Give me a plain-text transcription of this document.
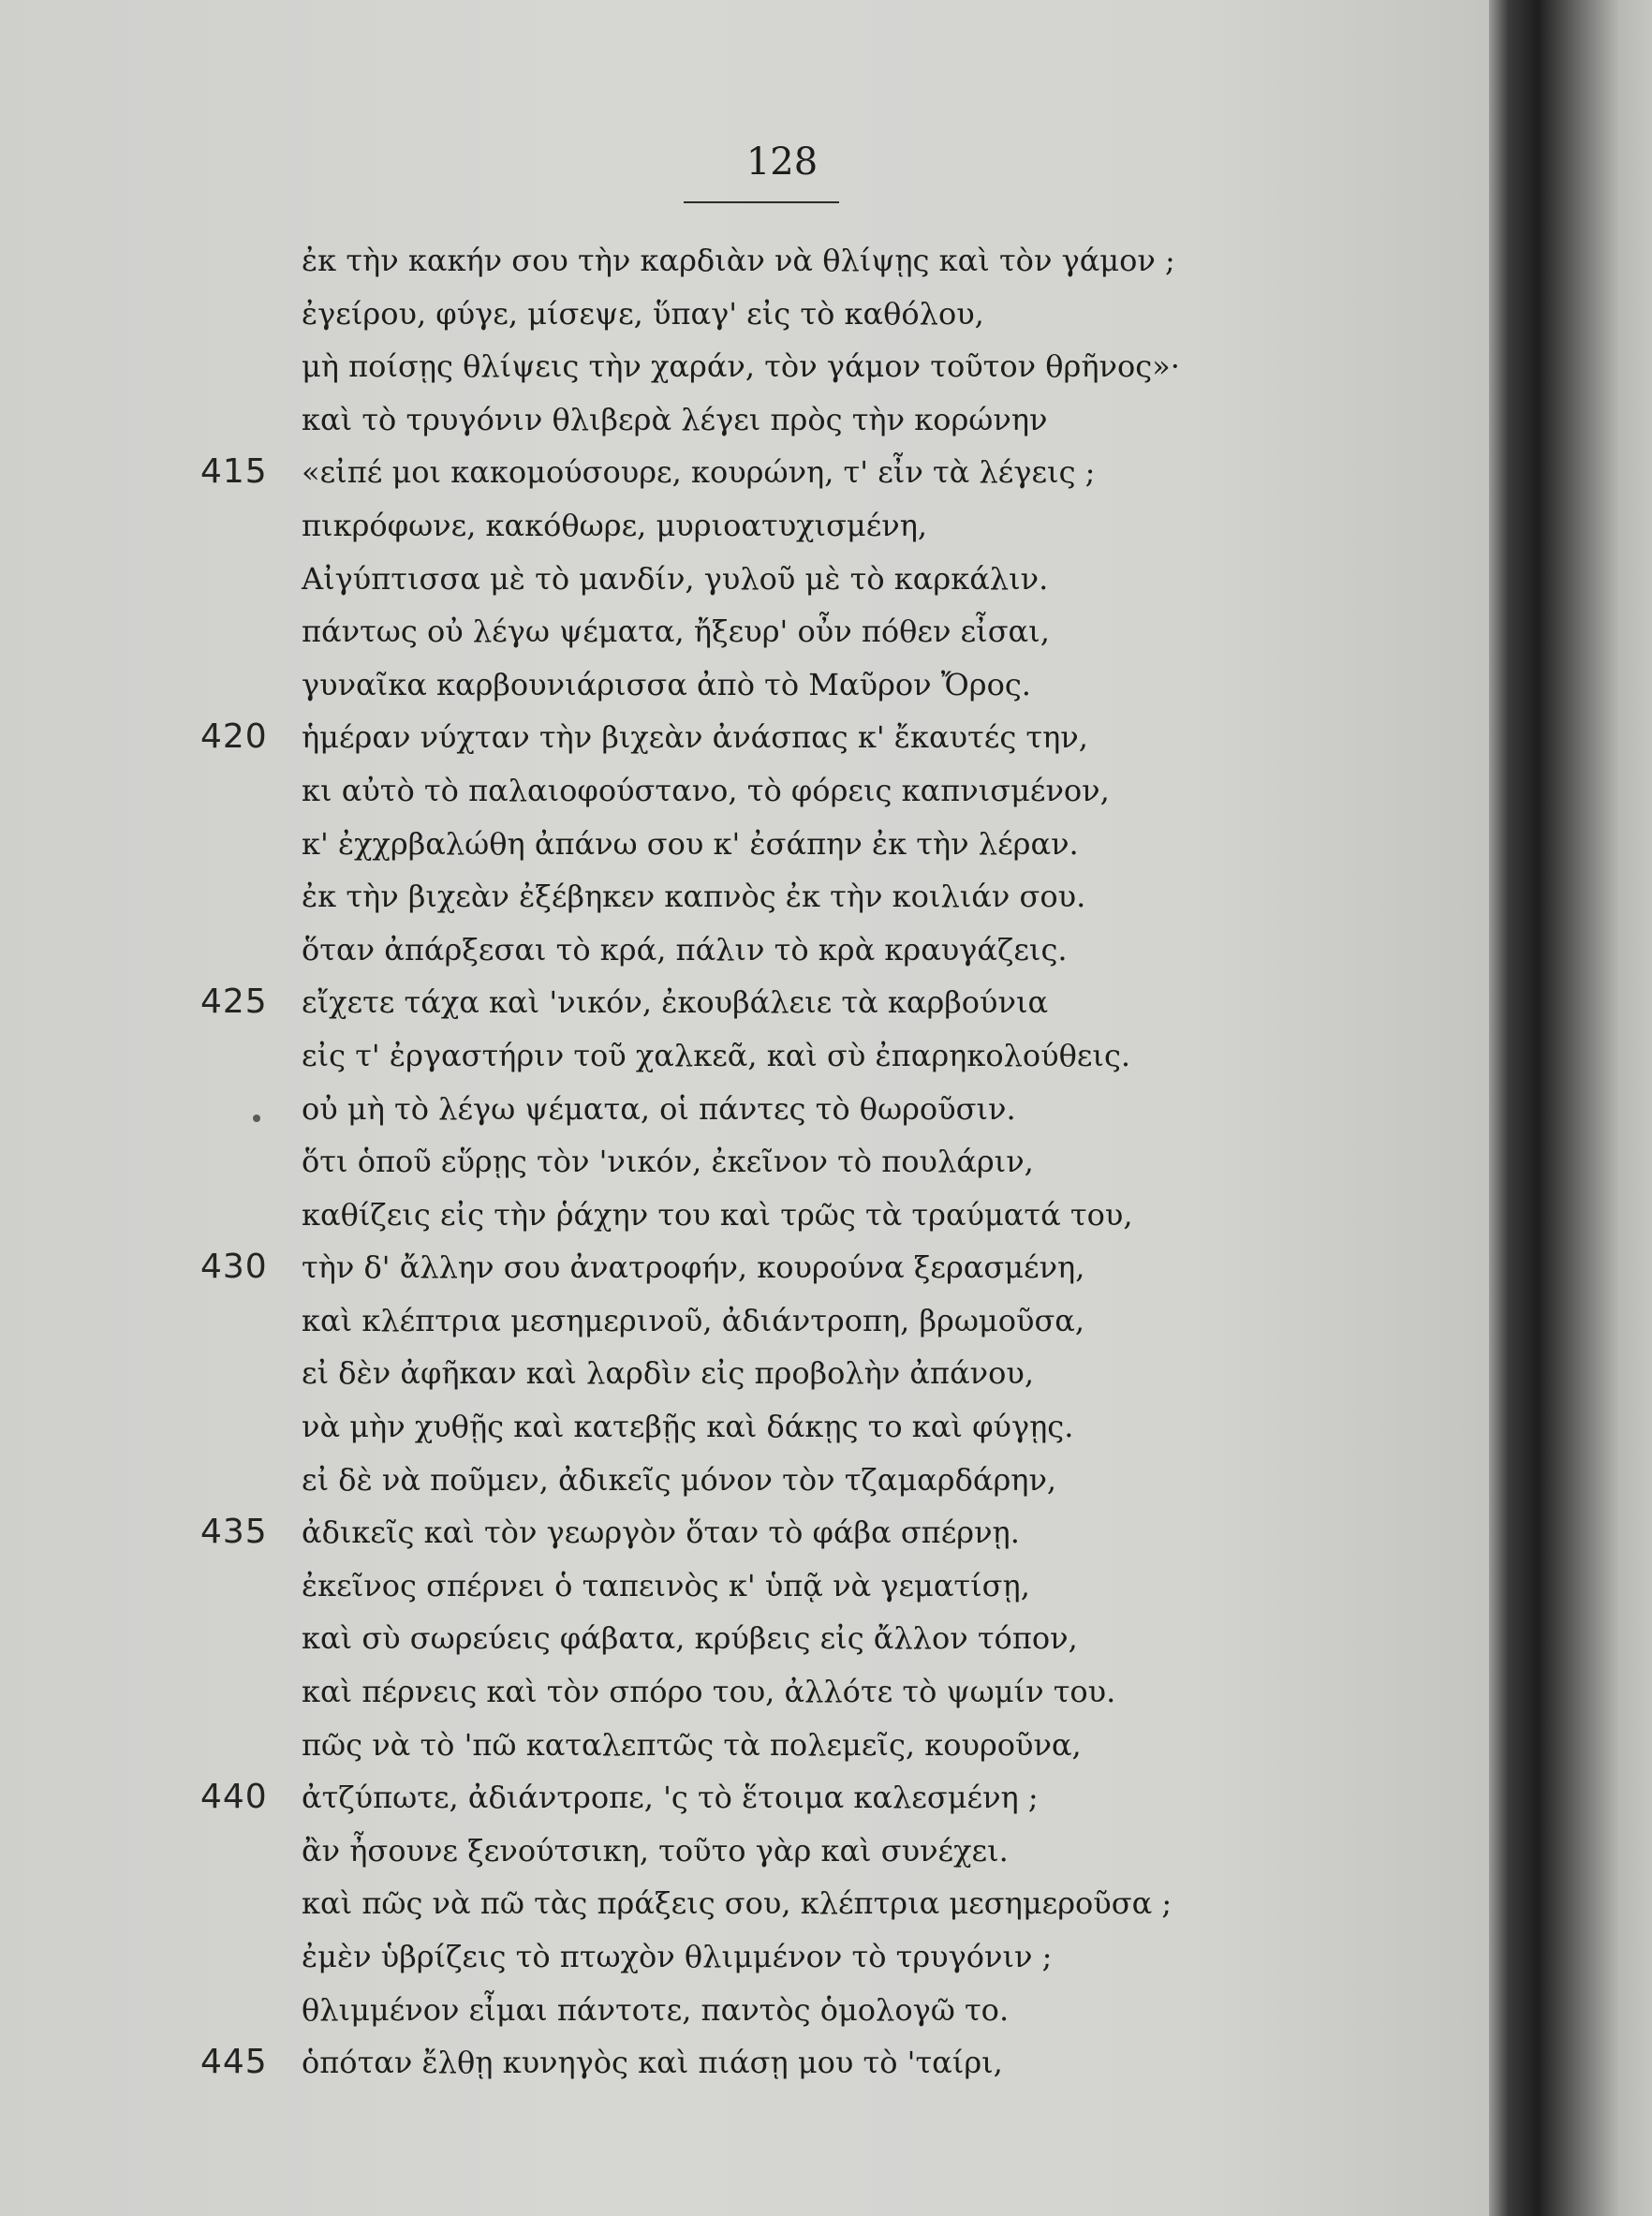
128
ἐκ τὴν κακήν σου τὴν καρδιὰν νὰ θλίψῃς καὶ τὸν γάμον ;
ἐγείρου, φύγε, μίσεψε, ὕπαγ' εἰς τὸ καθόλου,
μὴ ποίσῃς θλίψεις τὴν χαράν, τὸν γάμον τοῦτον θρῆνος»·
καὶ τὸ τρυγόνιν θλιβερὰ λέγει πρὸς τὴν κορώνην
415 «εἰπέ μοι κακομούσουρε, κουρώνη, τ' εἶν τὰ λέγεις ;
πικρόφωνε, κακόθωρε, μυριοατυχισμένη,
Αἰγύπτισσα μὲ τὸ μανδίν, γυλοῦ μὲ τὸ καρκάλιν.
πάντως οὐ λέγω ψέματα, ἤξευρ' οὖν πόθεν εἶσαι,
γυναῖκα καρβουνιάρισσα ἀπὸ τὸ Μαῦρον Ὄρος.
420 ἡμέραν νύχταν τὴν βιχεὰν ἀνάσπας κ' ἔκαυτές την,
κι αὐτὸ τὸ παλαιοφούστανο, τὸ φόρεις καπνισμένον,
κ' ἐχχρβαλώθη ἀπάνω σου κ' ἐσάπην ἐκ τὴν λέραν.
ἐκ τὴν βιχεὰν ἐξέβηκεν καπνὸς ἐκ τὴν κοιλιάν σου.
ὅταν ἀπάρξεσαι τὸ κρά, πάλιν τὸ κρὰ κραυγάζεις.
425 εἴχετε τάχα καὶ 'νικόν, ἐκουβάλειε τὰ καρβούνια
εἰς τ' ἐργαστήριν τοῦ χαλκεᾶ, καὶ σὺ ἐπαρηκολούθεις.
οὐ μὴ τὸ λέγω ψέματα, οἱ πάντες τὸ θωροῦσιν.
ὅτι ὁποῦ εὕρῃς τὸν 'νικόν, ἐκεῖνον τὸ πουλάριν,
καθίζεις εἰς τὴν ῥάχην του καὶ τρῶς τὰ τραύματά του,
430 τὴν δ' ἄλλην σου ἀνατροφήν, κουρούνα ξερασμένη,
καὶ κλέπτρια μεσημερινοῦ, ἀδιάντροπη, βρωμοῦσα,
εἰ δὲν ἀφῆκαν καὶ λαρδὶν εἰς προβολὴν ἀπάνου,
νὰ μὴν χυθῇς καὶ κατεβῇς καὶ δάκῃς το καὶ φύγῃς.
εἰ δὲ νὰ ποῦμεν, ἀδικεῖς μόνον τὸν τζαμαρδάρην,
435 ἀδικεῖς καὶ τὸν γεωργὸν ὅταν τὸ φάβα σπέρνῃ.
ἐκεῖνος σπέρνει ὁ ταπεινὸς κ' ὑπᾷ νὰ γεματίσῃ,
καὶ σὺ σωρεύεις φάβατα, κρύβεις εἰς ἄλλον τόπον,
καὶ πέρνεις καὶ τὸν σπόρο του, ἀλλότε τὸ ψωμίν του.
πῶς νὰ τὸ 'πῶ καταλεπτῶς τὰ πολεμεῖς, κουροῦνα,
440 ἀτζύπωτε, ἀδιάντροπε, 'ς τὸ ἕτοιμα καλεσμένη ;
ἂν ἦσουνε ξενούτσικη, τοῦτο γὰρ καὶ συνέχει.
καὶ πῶς νὰ πῶ τὰς πράξεις σου, κλέπτρια μεσημεροῦσα ;
ἐμὲν ὑβρίζεις τὸ πτωχὸν θλιμμένον τὸ τρυγόνιν ;
θλιμμένον εἶμαι πάντοτε, παντὸς ὁμολογῶ το.
445 ὁπόταν ἔλθῃ κυνηγὸς καὶ πιάσῃ μου τὸ 'ταίρι,
